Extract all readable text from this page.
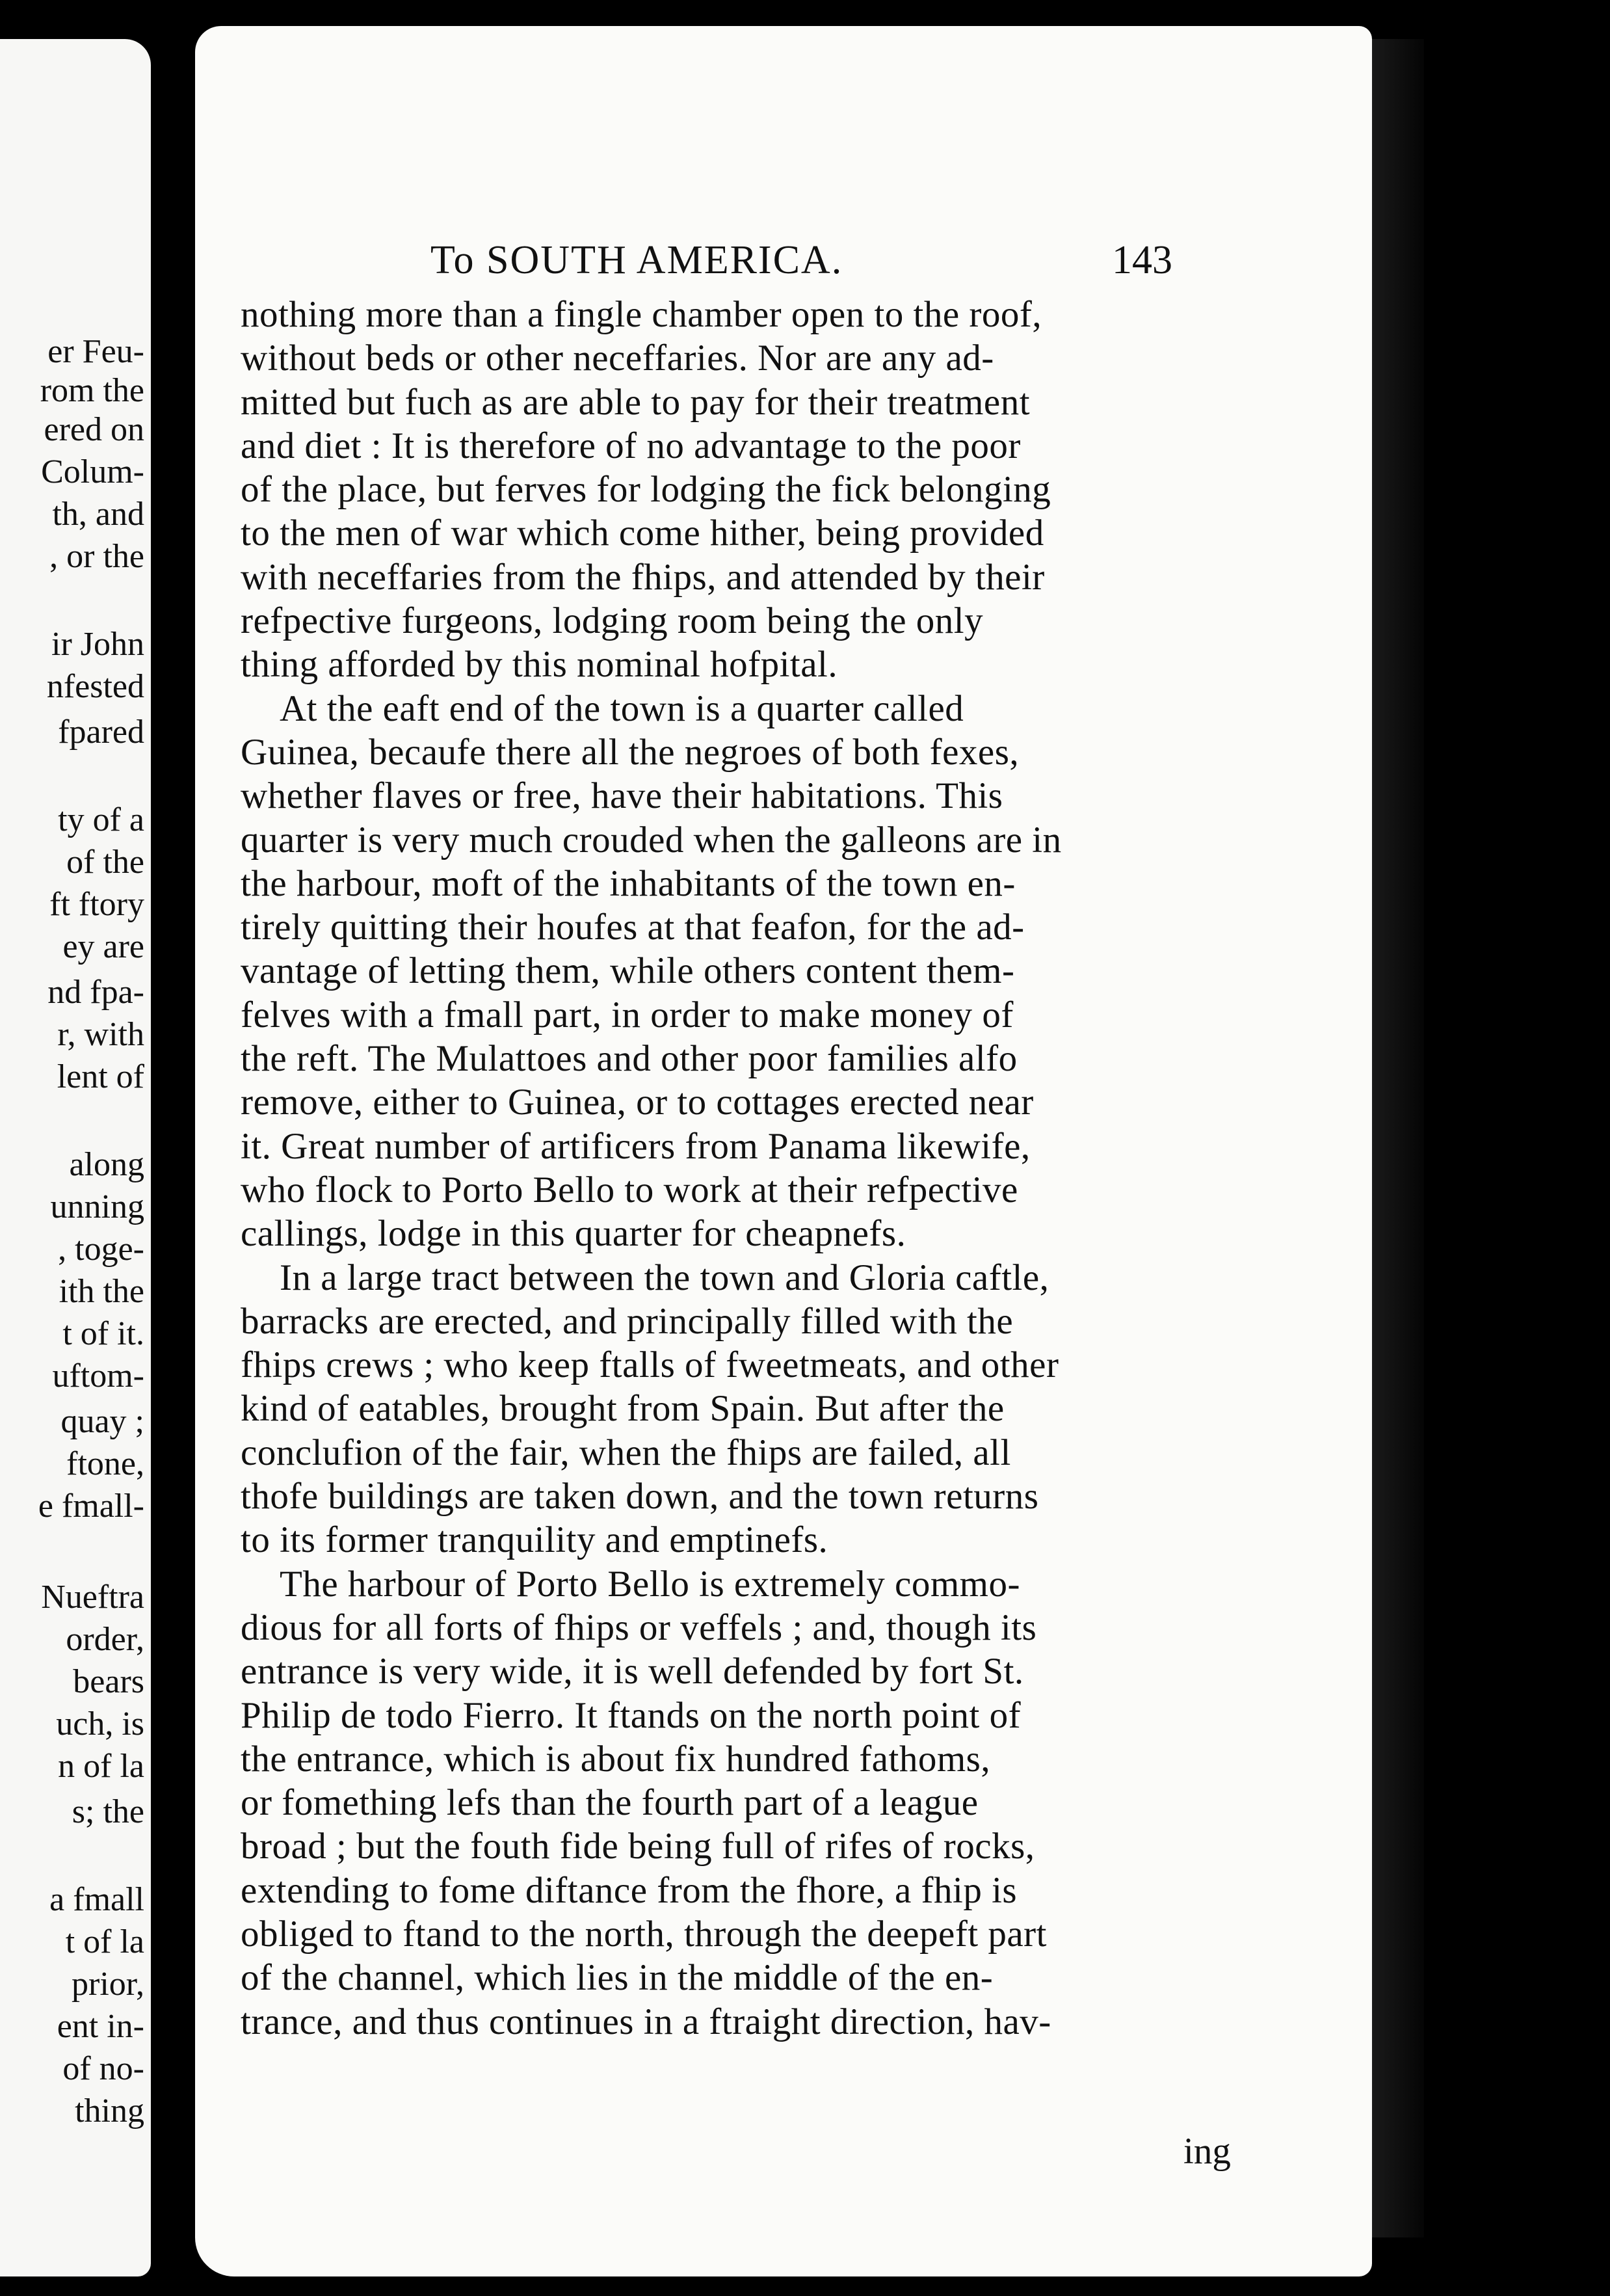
er Feu-
rom the
ered on
Colum-
th, and
, or the
ir John
nfested
fpared
ty of a
of the
ft ftory
ey are
nd fpa-
r, with
lent of
along
unning
, toge-
ith the
t of it.
uftom-
quay ;
ftone,
e fmall-
Nueftra
order,
bears
uch, is
n of la
s; the
a fmall
t of la
prior,
ent in-
of no-
thing
To SOUTH AMERICA.	143
nothing more than a fingle chamber open to the roof,
without beds or other neceffaries. Nor are any ad-
mitted but fuch as are able to pay for their treatment
and diet : It is therefore of no advantage to the poor
of the place, but ferves for lodging the fick belonging
to the men of war which come hither, being provided
with neceffaries from the fhips, and attended by their
refpective furgeons, lodging room being the only
thing afforded by this nominal hofpital.
At the eaft end of the town is a quarter called
Guinea, becaufe there all the negroes of both fexes,
whether flaves or free, have their habitations. This
quarter is very much crouded when the galleons are in
the harbour, moft of the inhabitants of the town en-
tirely quitting their houfes at that feafon, for the ad-
vantage of letting them, while others content them-
felves with a fmall part, in order to make money of
the reft. The Mulattoes and other poor families alfo
remove, either to Guinea, or to cottages erected near
it. Great number of artificers from Panama likewife,
who flock to Porto Bello to work at their refpective
callings, lodge in this quarter for cheapnefs.
In a large tract between the town and Gloria caftle,
barracks are erected, and principally filled with the
fhips crews ; who keep ftalls of fweetmeats, and other
kind of eatables, brought from Spain. But after the
conclufion of the fair, when the fhips are failed, all
thofe buildings are taken down, and the town returns
to its former tranquility and emptinefs.
The harbour of Porto Bello is extremely commo-
dious for all forts of fhips or veffels ; and, though its
entrance is very wide, it is well defended by fort St.
Philip de todo Fierro. It ftands on the north point of
the entrance, which is about fix hundred fathoms,
or fomething lefs than the fourth part of a league
broad ; but the fouth fide being full of rifes of rocks,
extending to fome diftance from the fhore, a fhip is
obliged to ftand to the north, through the deepeft part
of the channel, which lies in the middle of the en-
trance, and thus continues in a ftraight direction, hav-
ing
